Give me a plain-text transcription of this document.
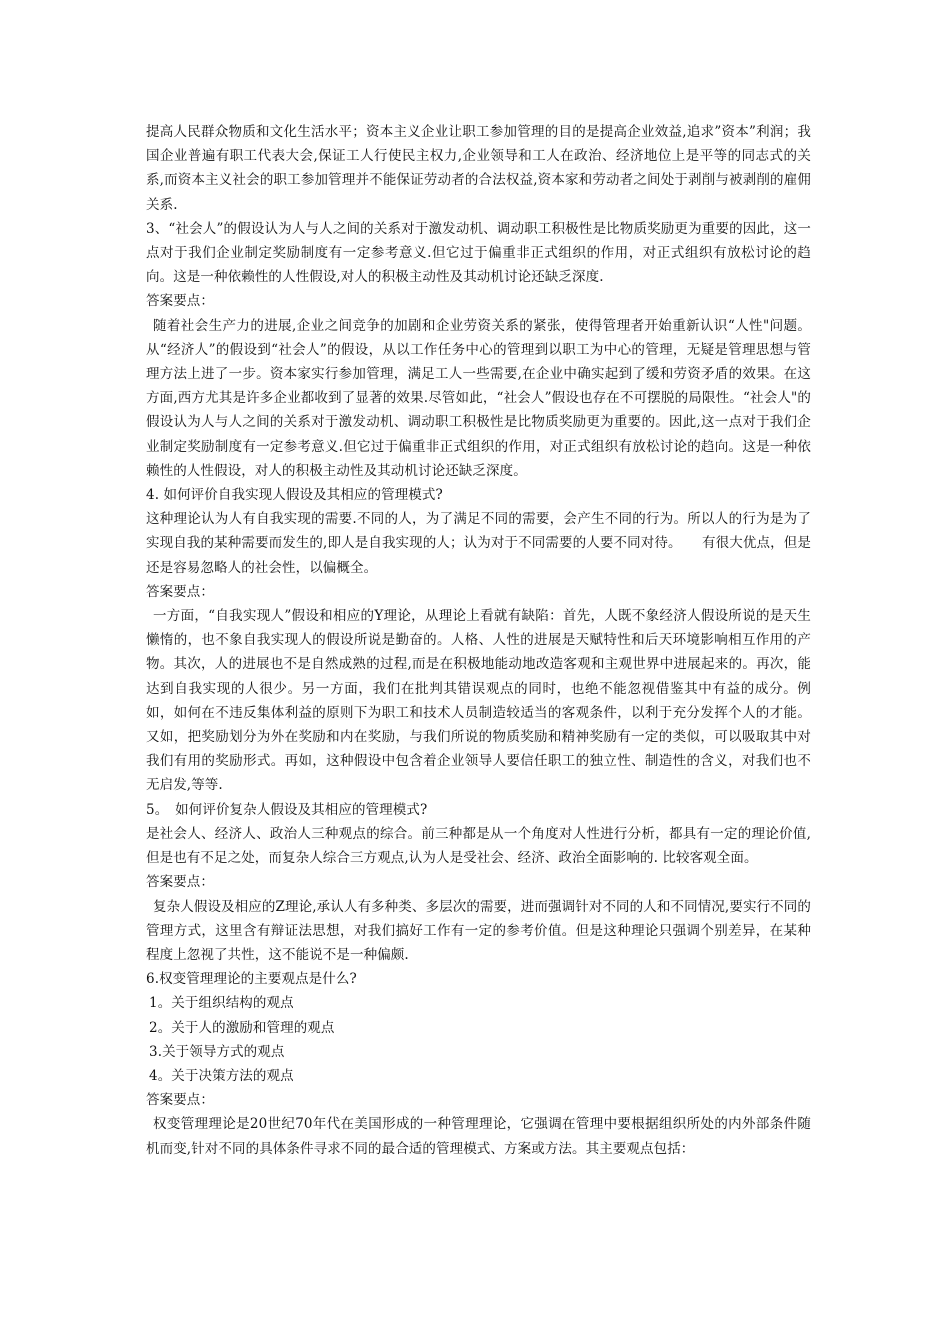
提高人民群众物质和文化生活水平；资本主义企业让职工参加管理的目的是提高企业效益,追求”资本”利润；我国企业普遍有职工代表大会,保证工人行使民主权力,企业领导和工人在政治、经济地位上是平等的同志式的关系,而资本主义社会的职工参加管理并不能保证劳动者的合法权益,资本家和劳动者之间处于剥削与被剥削的雇佣关系.

3、“社会人”的假设认为人与人之间的关系对于激发动机、调动职工积极性是比物质奖励更为重要的因此，这一点对于我们企业制定奖励制度有一定参考意义.但它过于偏重非正式组织的作用，对正式组织有放松讨论的趋向。这是一种依赖性的人性假设,对人的积极主动性及其动机讨论还缺乏深度.

答案要点：

随着社会生产力的进展,企业之间竞争的加剧和企业劳资关系的紧张，使得管理者开始重新认识“人性"问题。从“经济人”的假设到“社会人”的假设，从以工作任务中心的管理到以职工为中心的管理，无疑是管理思想与管理方法上进了一步。资本家实行参加管理，满足工人一些需要,在企业中确实起到了缓和劳资矛盾的效果。在这方面,西方尤其是许多企业都收到了显著的效果.尽管如此，“社会人”假设也存在不可摆脱的局限性。“社会人"的假设认为人与人之间的关系对于激发动机、调动职工积极性是比物质奖励更为重要的。因此,这一点对于我们企业制定奖励制度有一定参考意义.但它过于偏重非正式组织的作用，对正式组织有放松讨论的趋向。这是一种依赖性的人性假设，对人的积极主动性及其动机讨论还缺乏深度。

4. 如何评价自我实现人假设及其相应的管理模式?

这种理论认为人有自我实现的需要.不同的人，为了满足不同的需要，会产生不同的行为。所以人的行为是为了实现自我的某种需要而发生的,即人是自我实现的人；认为对于不同需要的人要不同对待。　　有很大优点，但是还是容易忽略人的社会性，以偏概全。

答案要点：

一方面，“自我实现人”假设和相应的Y理论，从理论上看就有缺陷：首先，人既不象经济人假设所说的是天生懒惰的，也不象自我实现人的假设所说是勤奋的。人格、人性的进展是天赋特性和后天环境影响相互作用的产物。其次，人的进展也不是自然成熟的过程,而是在积极地能动地改造客观和主观世界中进展起来的。再次，能达到自我实现的人很少。另一方面，我们在批判其错误观点的同时，也绝不能忽视借鉴其中有益的成分。例如，如何在不违反集体利益的原则下为职工和技术人员制造较适当的客观条件，以利于充分发挥个人的才能。又如，把奖励划分为外在奖励和内在奖励，与我们所说的物质奖励和精神奖励有一定的类似，可以吸取其中对我们有用的奖励形式。再如，这种假设中包含着企业领导人要信任职工的独立性、制造性的含义，对我们也不无启发,等等.

5。　如何评价复杂人假设及其相应的管理模式?

是社会人、经济人、政治人三种观点的综合。前三种都是从一个角度对人性进行分析，都具有一定的理论价值,但是也有不足之处，而复杂人综合三方观点,认为人是受社会、经济、政治全面影响的. 比较客观全面。

答案要点：

复杂人假设及相应的Z理论,承认人有多种类、多层次的需要，进而强调针对不同的人和不同情况,要实行不同的管理方式，这里含有辩证法思想，对我们搞好工作有一定的参考价值。但是这种理论只强调个别差异，在某种程度上忽视了共性，这不能说不是一种偏颇.

6.权变管理理论的主要观点是什么?

1。关于组织结构的观点

2。关于人的激励和管理的观点

3.关于领导方式的观点

4。关于决策方法的观点

答案要点：

权变管理理论是20世纪70年代在美国形成的一种管理理论，它强调在管理中要根据组织所处的内外部条件随机而变,针对不同的具体条件寻求不同的最合适的管理模式、方案或方法。其主要观点包括：
